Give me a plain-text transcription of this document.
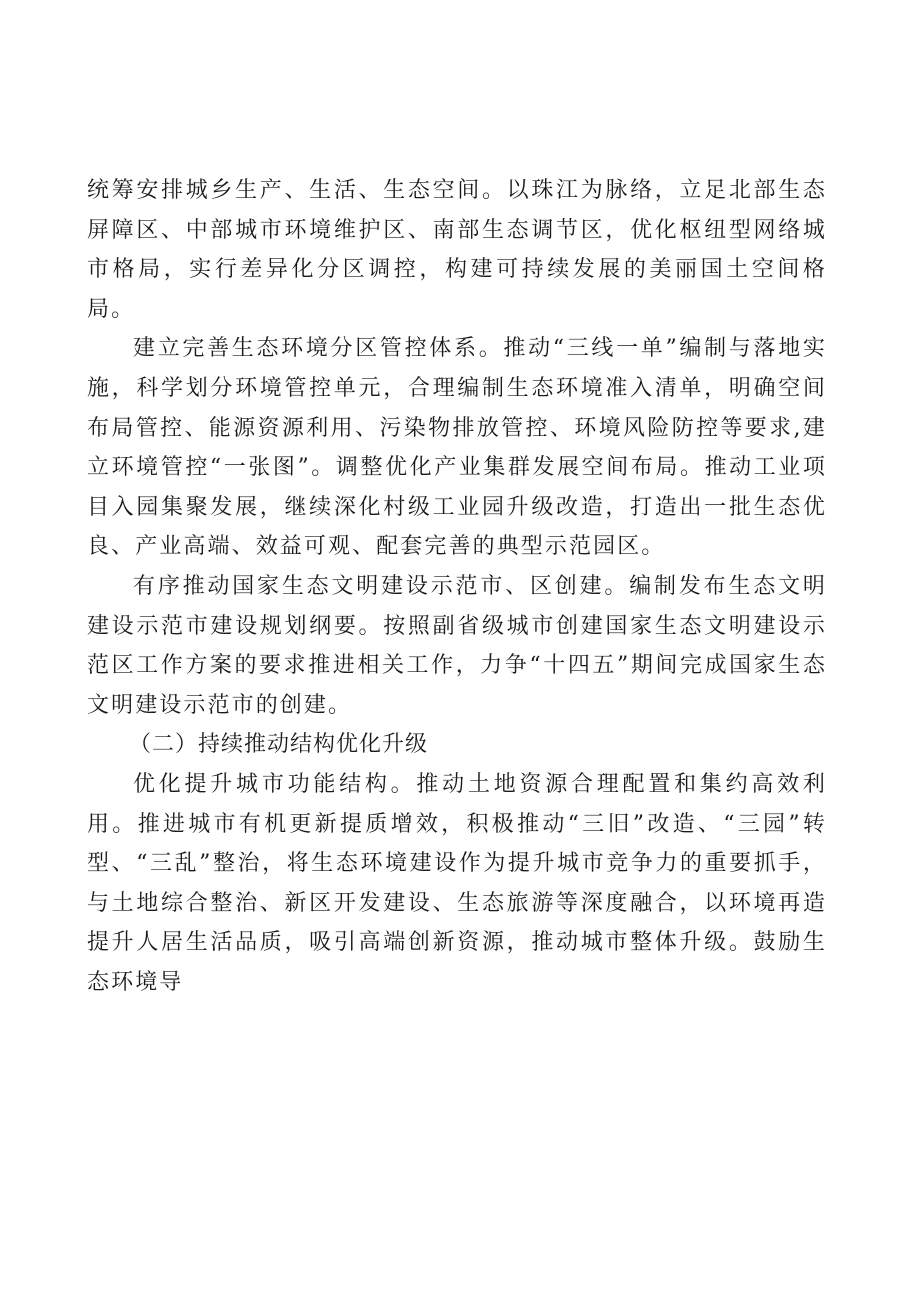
统筹安排城乡生产、生活、生态空间。以珠江为脉络，立足北部生态屏障区、中部城市环境维护区、南部生态调节区，优化枢纽型网络城市格局，实行差异化分区调控，构建可持续发展的美丽国土空间格局。

建立完善生态环境分区管控体系。推动“三线一单”编制与落地实施，科学划分环境管控单元，合理编制生态环境准入清单，明确空间布局管控、能源资源利用、污染物排放管控、环境风险防控等要求,建立环境管控“一张图”。调整优化产业集群发展空间布局。推动工业项目入园集聚发展，继续深化村级工业园升级改造，打造出一批生态优良、产业高端、效益可观、配套完善的典型示范园区。

有序推动国家生态文明建设示范市、区创建。编制发布生态文明建设示范市建设规划纲要。按照副省级城市创建国家生态文明建设示范区工作方案的要求推进相关工作，力争“十四五”期间完成国家生态文明建设示范市的创建。

（二）持续推动结构优化升级

优化提升城市功能结构。推动土地资源合理配置和集约高效利用。推进城市有机更新提质增效，积极推动“三旧”改造、“三园”转型、“三乱”整治，将生态环境建设作为提升城市竞争力的重要抓手，与土地综合整治、新区开发建设、生态旅游等深度融合，以环境再造提升人居生活品质，吸引高端创新资源，推动城市整体升级。鼓励生态环境导
